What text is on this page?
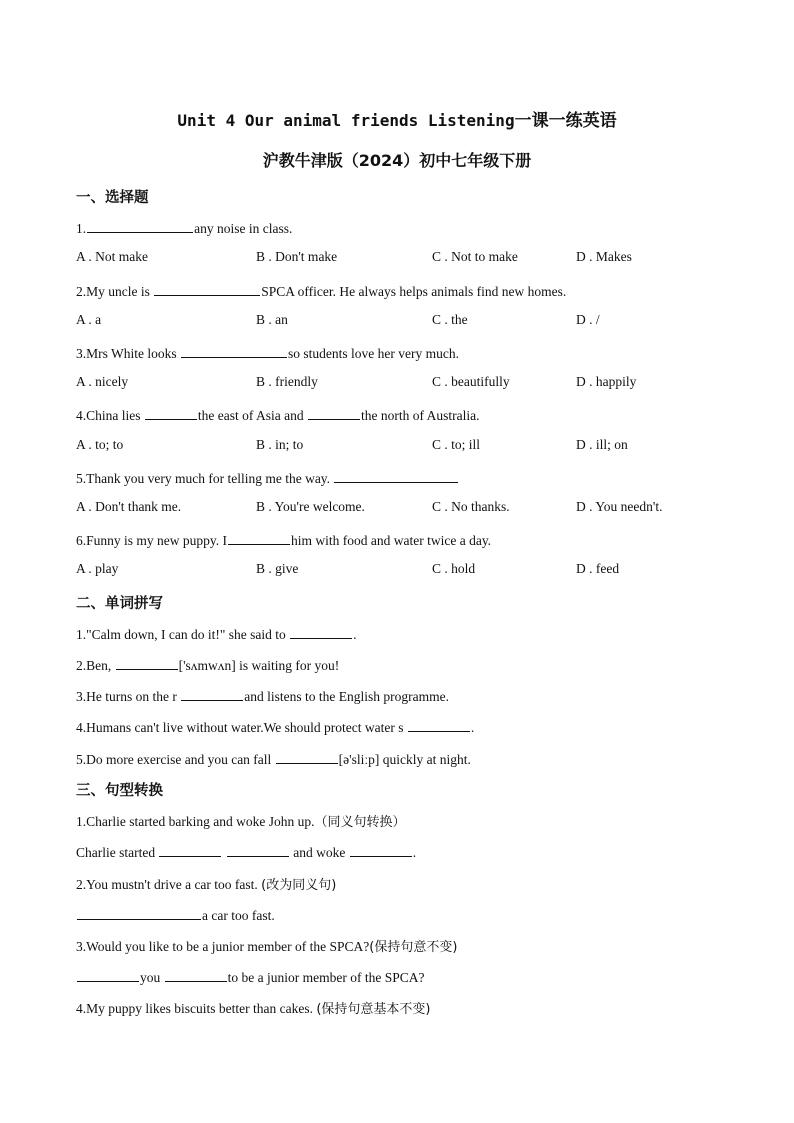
Unit 4 Our animal friends Listening一课一练英语
沪教牛津版（2024）初中七年级下册
一、选择题
1.	any noise in class.
A . Not make	B . Don't make	C . Not to make	D . Makes
2.My uncle is	SPCA officer. He always helps animals find new homes.
A . a	B . an	C . the	D . /
3.Mrs White looks	so students love her very much.
A . nicely	B . friendly	C . beautifully	D . happily
4.China lies	the east of Asia and	the north of Australia.
A . to; to	B . in; to	C . to; ill	D . ill; on
5.Thank you very much for telling me the way.
A . Don't thank me.	B . You're welcome.	C . No thanks.	D . You needn't.
6.Funny is my new puppy. I	him with food and water twice a day.
A . play	B . give	C . hold	D . feed
二、单词拼写
1."Calm down, I can do it!" she said to	.
2.Ben,	['sʌmwʌn] is waiting for you!
3.He turns on the r	and listens to the English programme.
4.Humans can't live without water.We should protect water s	.
5.Do more exercise and you can fall	[ə'sliːp] quickly at night.
三、句型转换
1.Charlie started barking and woke John up.（同义句转换）
Charlie started	and woke	.
2.You mustn't drive a car too fast. (改为同义句)
a car too fast.
3.Would you like to be a junior member of the SPCA?(保持句意不变)
you	to be a junior member of the SPCA?
4.My puppy likes biscuits better than cakes. (保持句意基本不变)
